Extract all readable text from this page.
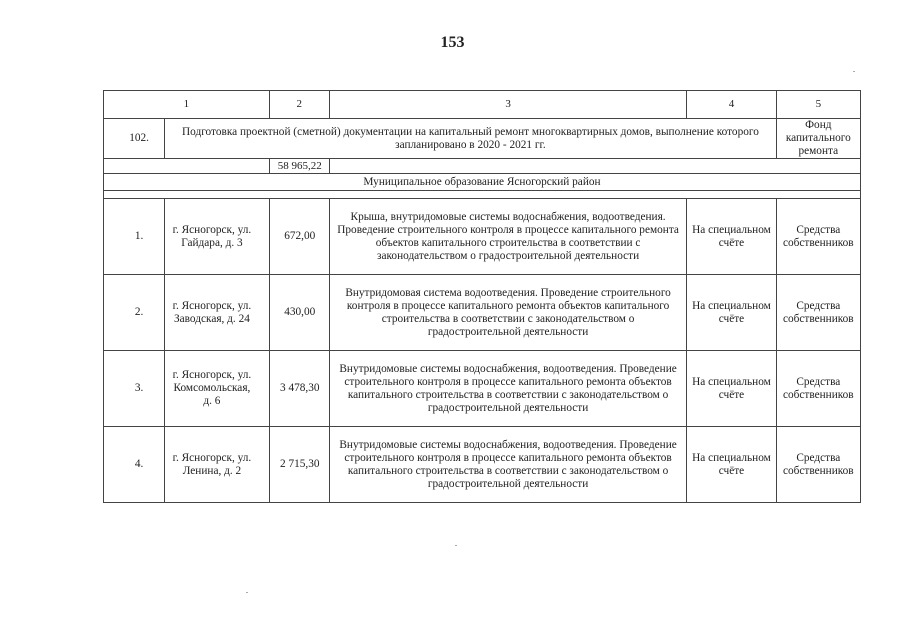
153
1		2	3	4	5
102.	Подготовка проектной (сметной) документации на капитальный ремонт многоквартирных домов, выполнение которого запланировано в 2020 - 2021 гг.				Фонд капитального ремонта
		58 965,22			
Муниципальное образование Ясногорский район					

1.	г. Ясногорск, ул. Гайдара, д. 3	672,00	Крыша, внутридомовые системы водоснабжения, водоотведения. Проведение строительного контроля в процессе капитального ремонта объектов капитального строительства в соответствии с законодательством о градостроительной деятельности	На специальном счёте	Средства собственников
2.	г. Ясногорск, ул. Заводская, д. 24	430,00	Внутридомовая система водоотведения. Проведение строительного контроля в процессе капитального ремонта объектов капитального строительства в соответствии с законодательством о градостроительной деятельности	На специальном счёте	Средства собственников
3.	г. Ясногорск, ул. Комсомольская, д. 6	3 478,30	Внутридомовые системы водоснабжения, водоотведения. Проведение строительного контроля в процессе капитального ремонта объектов капитального строительства в соответствии с законодательством о градостроительной деятельности	На специальном счёте	Средства собственников
4.	г. Ясногорск, ул. Ленина, д. 2	2 715,30	Внутридомовые системы водоснабжения, водоотведения. Проведение строительного контроля в процессе капитального ремонта объектов капитального строительства в соответствии с законодательством о градостроительной деятельности	На специальном счёте	Средства собственников
